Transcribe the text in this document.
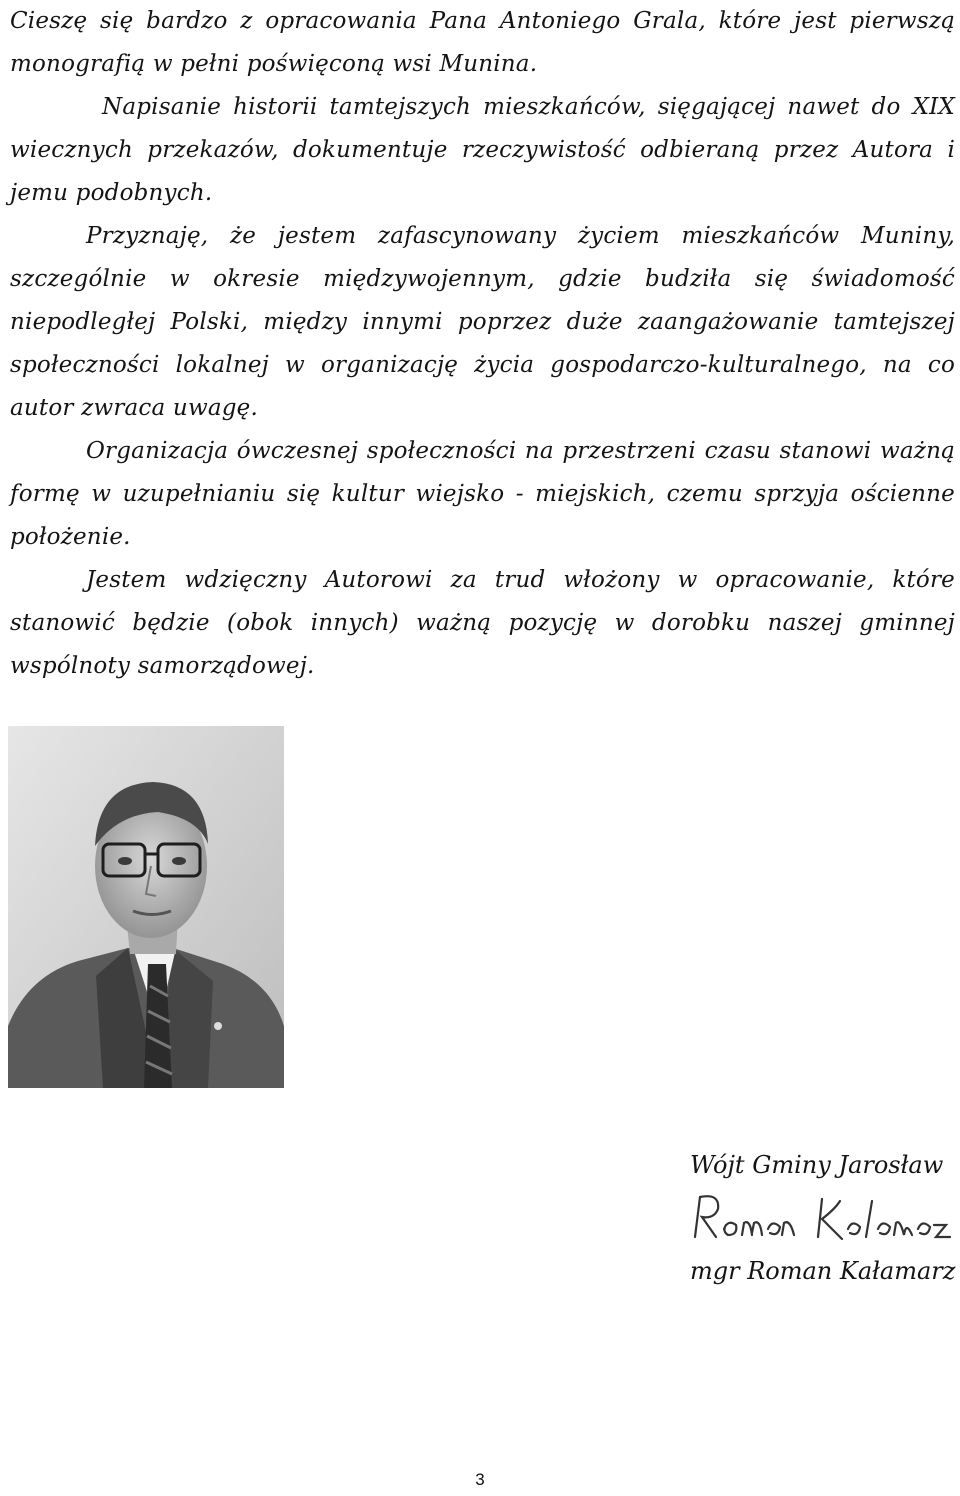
Cieszę się bardzo z opracowania Pana Antoniego Grala, które jest pierwszą monografią w pełni poświęconą wsi Munina.

Napisanie historii tamtejszych mieszkańców, sięgającej nawet do XIX wiecznych przekazów, dokumentuje rzeczywistość odbieraną przez Autora i jemu podobnych.

Przyznaję, że jestem zafascynowany życiem mieszkańców Muniny, szczególnie w okresie międzywojennym, gdzie budziła się świadomość niepodległej Polski, między innymi poprzez duże zaangażowanie tamtejszej społeczności lokalnej w organizację życia gospodarczo-kulturalnego, na co autor zwraca uwagę.

Organizacja ówczesnej społeczności na przestrzeni czasu stanowi ważną formę w uzupełnianiu się kultur wiejsko - miejskich, czemu sprzyja ościenne położenie.

Jestem wdzięczny Autorowi za trud włożony w opracowanie, które stanowić będzie (obok innych) ważną pozycję w dorobku naszej gminnej wspólnoty samorządowej.

Wójt Gminy Jarosław
mgr Roman Kałamarz
3
